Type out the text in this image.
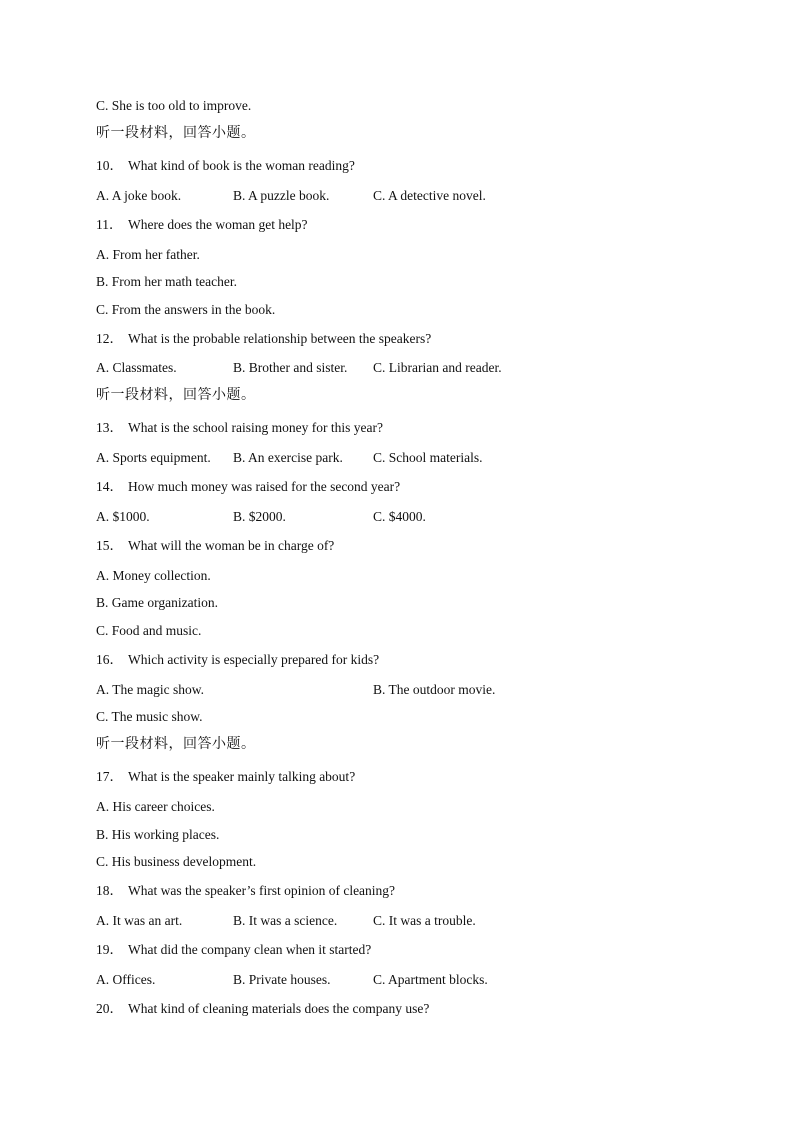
C. She is too old to improve.
听一段材料，回答小题。
10． What kind of book is the woman reading?
A. A joke book.	B. A puzzle book.	C. A detective novel.
11． Where does the woman get help?
A. From her father.
B. From her math teacher.
C. From the answers in the book.
12． What is the probable relationship between the speakers?
A. Classmates.	B. Brother and sister. C. Librarian and reader.
听一段材料，回答小题。
13． What is the school raising money for this year?
A. Sports equipment. B. An exercise park. C. School materials.
14． How much money was raised for the second year?
A. $1000.	B. $2000.	C. $4000.
15． What will the woman be in charge of?
A. Money collection.
B. Game organization.
C. Food and music.
16． Which activity is especially prepared for kids?
A. The magic show.	B. The outdoor movie.
C. The music show.
听一段材料，回答小题。
17． What is the speaker mainly talking about?
A. His career choices.
B. His working places.
C. His business development.
18． What was the speaker’s first opinion of cleaning?
A. It was an art.	B. It was a science.	C. It was a trouble.
19． What did the company clean when it started?
A. Offices.	B. Private houses.	C. Apartment blocks.
20． What kind of cleaning materials does the company use?
